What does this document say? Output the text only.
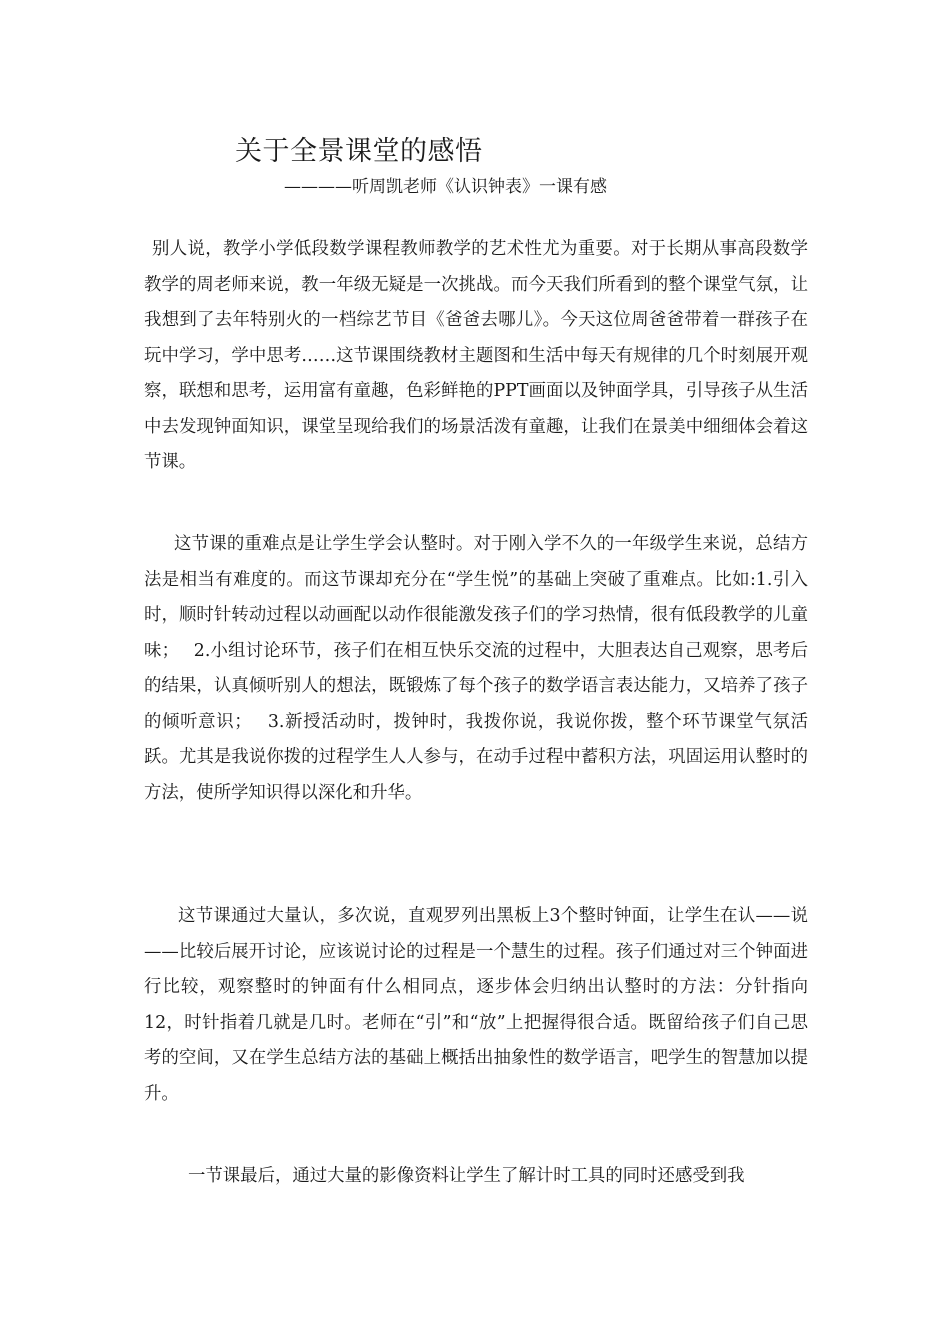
关于全景课堂的感悟
————听周凯老师《认识钟表》一课有感

别人说，教学小学低段数学课程教师教学的艺术性尤为重要。对于长期从事高段数学教学的周老师来说，教一年级无疑是一次挑战。而今天我们所看到的整个课堂气氛，让我想到了去年特别火的一档综艺节目《爸爸去哪儿》。今天这位周爸爸带着一群孩子在玩中学习，学中思考……这节课围绕教材主题图和生活中每天有规律的几个时刻展开观察，联想和思考，运用富有童趣，色彩鲜艳的PPT画面以及钟面学具，引导孩子从生活中去发现钟面知识，课堂呈现给我们的场景活泼有童趣，让我们在景美中细细体会着这节课。

这节课的重难点是让学生学会认整时。对于刚入学不久的一年级学生来说，总结方法是相当有难度的。而这节课却充分在“学生悦”的基础上突破了重难点。比如:1.引入时，顺时针转动过程以动画配以动作很能激发孩子们的学习热情，很有低段教学的儿童味；　 2.小组讨论环节，孩子们在相互快乐交流的过程中，大胆表达自己观察，思考后的结果，认真倾听别人的想法，既锻炼了每个孩子的数学语言表达能力，又培养了孩子的倾听意识；　 3.新授活动时，拨钟时，我拨你说，我说你拨，整个环节课堂气氛活跃。尤其是我说你拨的过程学生人人参与，在动手过程中蓄积方法，巩固运用认整时的方法，使所学知识得以深化和升华。

这节课通过大量认，多次说，直观罗列出黑板上3个整时钟面，让学生在认——说——比较后展开讨论，应该说讨论的过程是一个慧生的过程。孩子们通过对三个钟面进行比较，观察整时的钟面有什么相同点，逐步体会归纳出认整时的方法：分针指向12，时针指着几就是几时。老师在“引”和“放”上把握得很合适。既留给孩子们自己思考的空间，又在学生总结方法的基础上概括出抽象性的数学语言，吧学生的智慧加以提升。

一节课最后，通过大量的影像资料让学生了解计时工具的同时还感受到我
